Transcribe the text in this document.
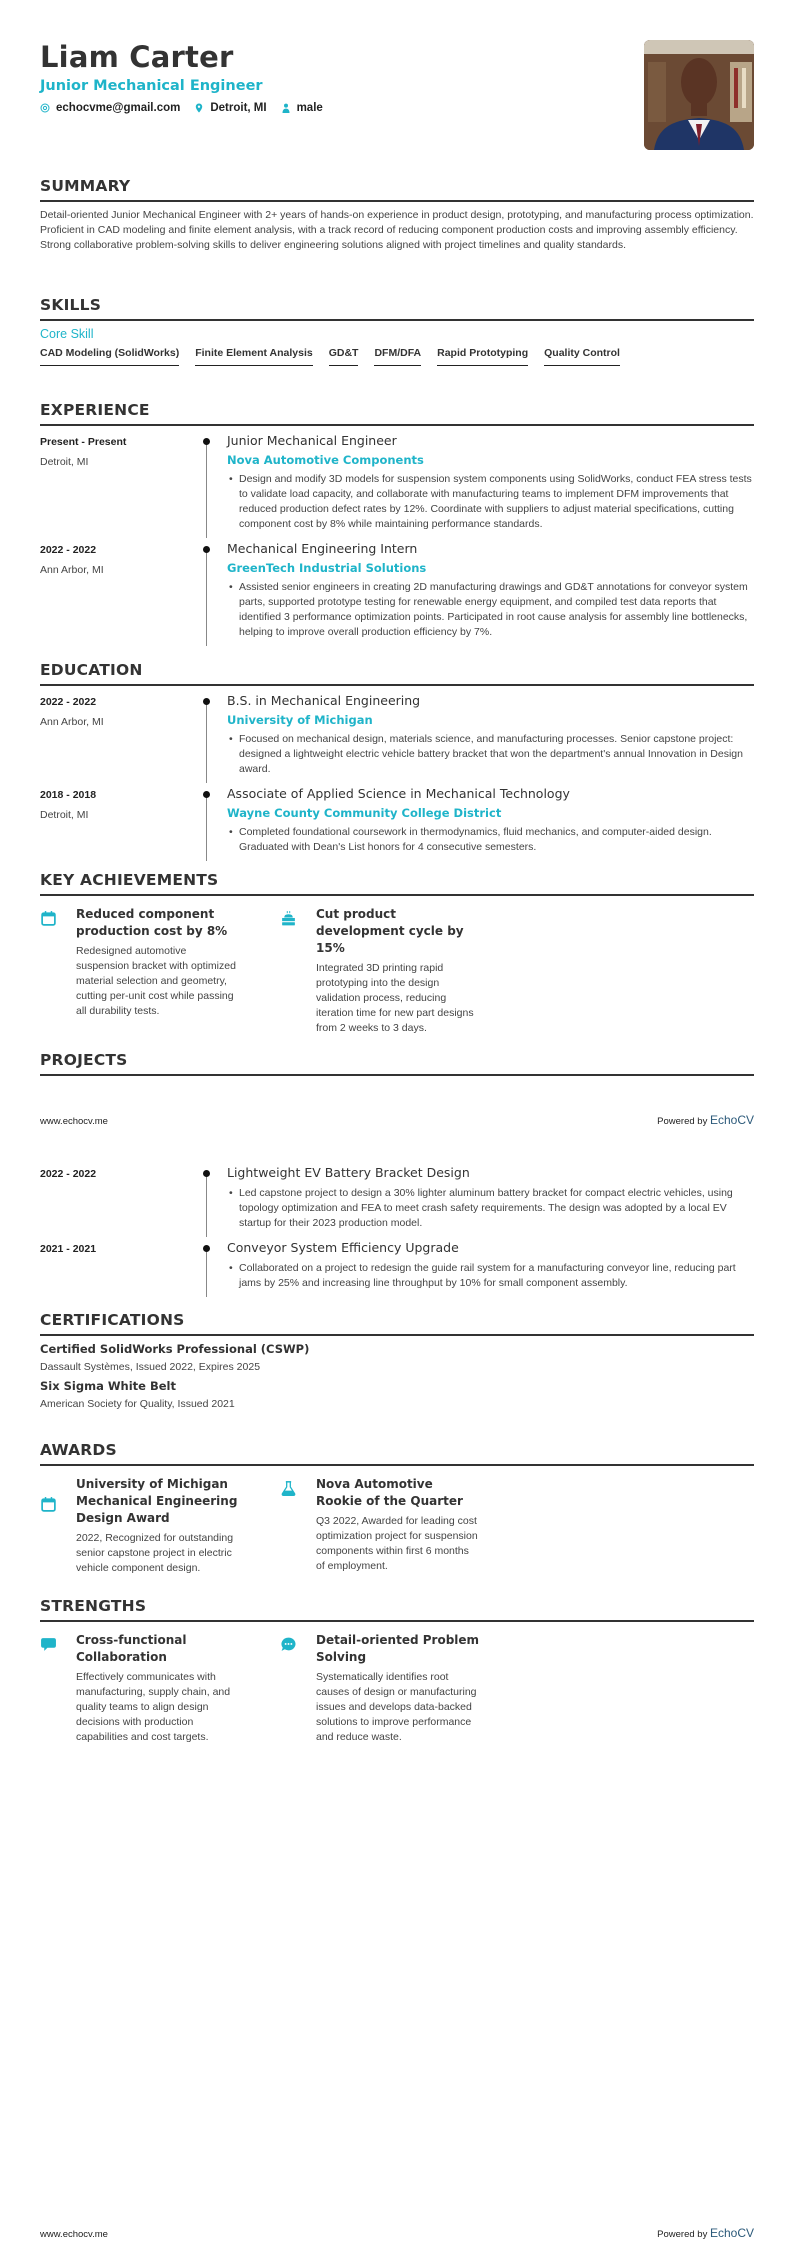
Liam Carter
Junior Mechanical Engineer
echocvme@gmail.com	Detroit, MI	male
SUMMARY
Detail-oriented Junior Mechanical Engineer with 2+ years of hands-on experience in product design, prototyping, and manufacturing process optimization. Proficient in CAD modeling and finite element analysis, with a track record of reducing component production costs and improving assembly efficiency. Strong collaborative problem-solving skills to deliver engineering solutions aligned with project timelines and quality standards.
SKILLS
Core Skill
CAD Modeling (SolidWorks) Finite Element Analysis GD&T DFM/DFA Rapid Prototyping Quality Control
EXPERIENCE
Present - Present
Detroit, MI
Junior Mechanical Engineer
Nova Automotive Components
• Design and modify 3D models for suspension system components using SolidWorks, conduct FEA stress tests to validate load capacity, and collaborate with manufacturing teams to implement DFM improvements that reduced production defect rates by 12%. Coordinate with suppliers to adjust material specifications, cutting component cost by 8% while maintaining performance standards.
2022 - 2022
Ann Arbor, MI
Mechanical Engineering Intern
GreenTech Industrial Solutions
• Assisted senior engineers in creating 2D manufacturing drawings and GD&T annotations for conveyor system parts, supported prototype testing for renewable energy equipment, and compiled test data reports that identified 3 performance optimization points. Participated in root cause analysis for assembly line bottlenecks, helping to improve overall production efficiency by 7%.
EDUCATION
2022 - 2022
Ann Arbor, MI
B.S. in Mechanical Engineering
University of Michigan
• Focused on mechanical design, materials science, and manufacturing processes. Senior capstone project: designed a lightweight electric vehicle battery bracket that won the department's annual Innovation in Design award.
2018 - 2018
Detroit, MI
Associate of Applied Science in Mechanical Technology
Wayne County Community College District
• Completed foundational coursework in thermodynamics, fluid mechanics, and computer-aided design. Graduated with Dean's List honors for 4 consecutive semesters.
KEY ACHIEVEMENTS
Reduced component production cost by 8%
Redesigned automotive suspension bracket with optimized material selection and geometry, cutting per-unit cost while passing all durability tests.
Cut product development cycle by 15%
Integrated 3D printing rapid prototyping into the design validation process, reducing iteration time for new part designs from 2 weeks to 3 days.
PROJECTS
www.echocv.me	Powered by EchoCV
2022 - 2022	Lightweight EV Battery Bracket Design
• Led capstone project to design a 30% lighter aluminum battery bracket for compact electric vehicles, using topology optimization and FEA to meet crash safety requirements. The design was adopted by a local EV startup for their 2023 production model.
2021 - 2021	Conveyor System Efficiency Upgrade
• Collaborated on a project to redesign the guide rail system for a manufacturing conveyor line, reducing part jams by 25% and increasing line throughput by 10% for small component assembly.
CERTIFICATIONS
Certified SolidWorks Professional (CSWP)
Dassault Systèmes, Issued 2022, Expires 2025
Six Sigma White Belt
American Society for Quality, Issued 2021
AWARDS
University of Michigan Mechanical Engineering Design Award
2022, Recognized for outstanding senior capstone project in electric vehicle component design.
Nova Automotive Rookie of the Quarter
Q3 2022, Awarded for leading cost optimization project for suspension components within first 6 months of employment.
STRENGTHS
Cross-functional Collaboration
Effectively communicates with manufacturing, supply chain, and quality teams to align design decisions with production capabilities and cost targets.
Detail-oriented Problem Solving
Systematically identifies root causes of design or manufacturing issues and develops data-backed solutions to improve performance and reduce waste.
www.echocv.me	Powered by EchoCV
